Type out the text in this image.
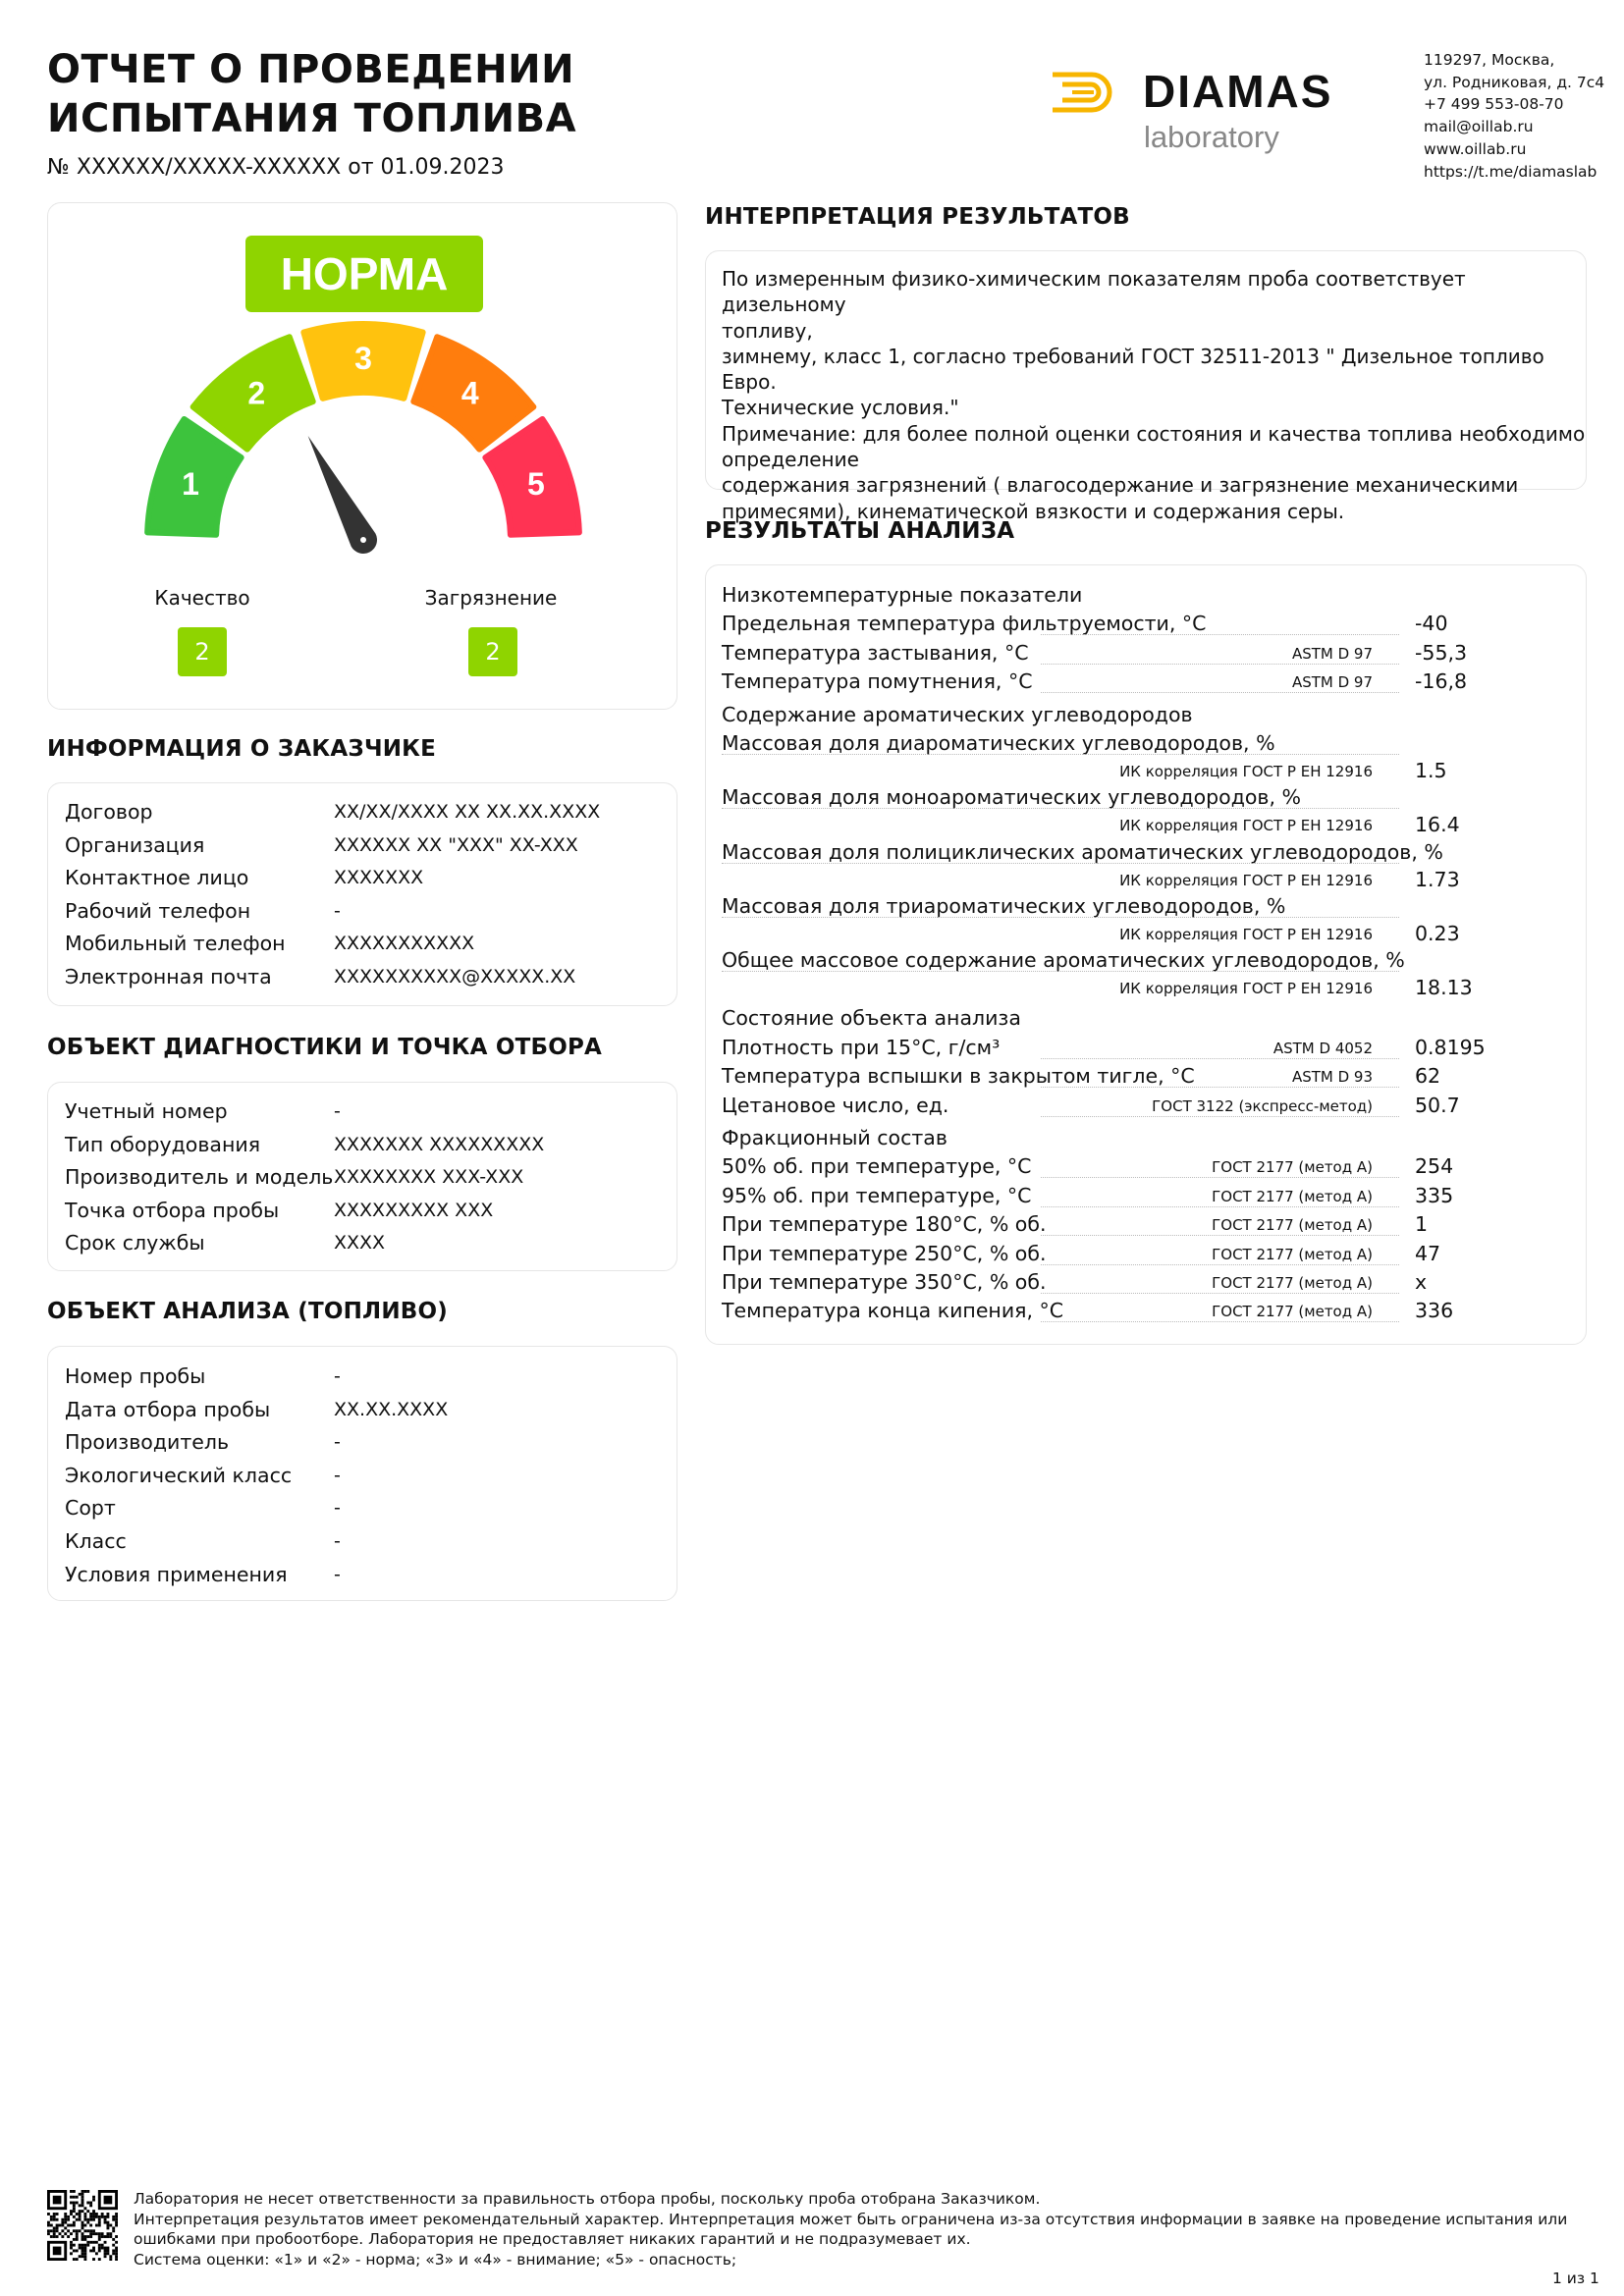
ОТЧЕТ О ПРОВЕДЕНИИ
ИСПЫТАНИЯ ТОПЛИВА
№ XXXXXX/XXXXX-XXXXXX от 01.09.2023
DIAMAS
laboratory
119297, Москва,
ул. Родниковая, д. 7с4
+7 499 553-08-70
mail@oillab.ru
www.oillab.ru
https://t.me/diamaslab
НОРМА
1
2
3
4
5
Качество
2
Загрязнение
2
ИНФОРМАЦИЯ О ЗАКАЗЧИКЕ
Договор	XX/XX/XXXX XX XX.XX.XXXX
Организация	XXXXXX XX "XXX" XX-XXX
Контактное лицо	XXXXXXX
Рабочий телефон	-
Мобильный телефон	XXXXXXXXXXX
Электронная почта	XXXXXXXXXX@XXXXX.XX
ОБЪЕКТ ДИАГНОСТИКИ И ТОЧКА ОТБОРА
Учетный номер	-
Тип оборудования	XXXXXXX XXXXXXXXX
Производитель и модель XXXXXXXX XXX-XXX
Точка отбора пробы	XXXXXXXXX XXX
Срок службы	XXXX
ОБЪЕКТ АНАЛИЗА (ТОПЛИВО)
Номер пробы	-
Дата отбора пробы	XX.XX.XXXX
Производитель	-
Экологический класс -
Сорт	-
Класс	-
Условия применения -
ИНТЕРПРЕТАЦИЯ РЕЗУЛЬТАТОВ
По измеренным физико-химическим показателям проба соответствует дизельному
топливу,
зимнему, класс 1, согласно требований ГОСТ 32511-2013 " Дизельное топливо Евро.
Технические условия."
Примечание: для более полной оценки состояния и качества топлива необходимо
определение
содержания загрязнений ( влагосодержание и загрязнение механическими
примесями), кинематической вязкости и содержания серы.
РЕЗУЛЬТАТЫ АНАЛИЗА
Низкотемпературные показатели
Предельная температура фильтруемости, °С	-40
Температура застывания, °С	ASTM D 97 -55,3
Температура помутнения, °С	ASTM D 97 -16,8
Содержание ароматических углеводородов
Массовая доля диароматических углеводородов, %
ИК корреляция ГОСТ Р ЕН 12916 1.5
Массовая доля моноароматических углеводородов, %
ИК корреляция ГОСТ Р ЕН 12916 16.4
Массовая доля полициклических ароматических углеводородов, %
ИК корреляция ГОСТ Р ЕН 12916 1.73
Массовая доля триароматических углеводородов, %
ИК корреляция ГОСТ Р ЕН 12916 0.23
Общее массовое содержание ароматических углеводородов, %
ИК корреляция ГОСТ Р ЕН 12916 18.13
Состояние объекта анализа
Плотность при 15°С, г/см³	ASTM D 4052 0.8195
Температура вспышки в закрытом тигле, °С	ASTM D 93 62
Цетановое число, ед.	ГОСТ 3122 (экспресс-метод) 50.7
Фракционный состав
50% об. при температуре, °С	ГОСТ 2177 (метод А) 254
95% об. при температуре, °С	ГОСТ 2177 (метод А) 335
При температуре 180°С, % об.	ГОСТ 2177 (метод А) 1
При температуре 250°С, % об.	ГОСТ 2177 (метод А) 47
При температуре 350°С, % об.	ГОСТ 2177 (метод А) x
Температура конца кипения, °С	ГОСТ 2177 (метод А) 336
Лаборатория не несет ответственности за правильность отбора пробы, поскольку проба отобрана Заказчиком.
Интерпретация результатов имеет рекомендательный характер. Интерпретация может быть ограничена из-за отсутствия информации в заявке на проведение испытания или
ошибками при пробоотборе. Лаборатория не предоставляет никаких гарантий и не подразумевает их.
Система оценки: «1» и «2» - норма; «3» и «4» - внимание; «5» - опасность;
1 из 1
